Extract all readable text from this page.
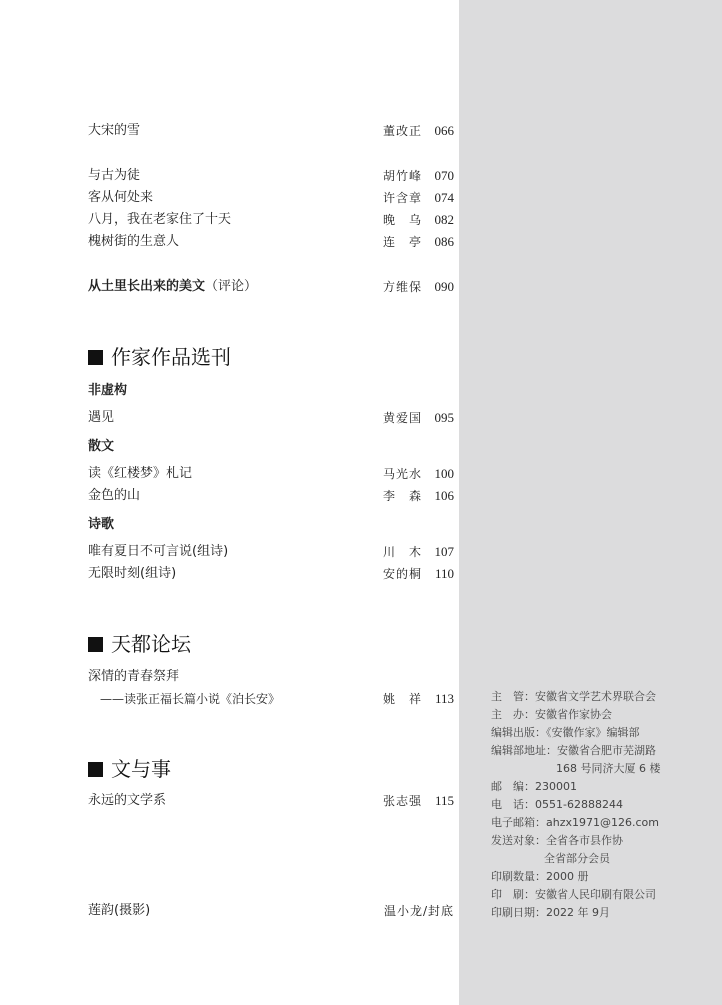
大宋的雪	董改正 066
与古为徒	胡竹峰 070
客从何处来	许含章 074
八月，我在老家住了十天	晚　乌 082
槐树街的生意人	连　亭 086
从土里长出来的美文（评论）	方维保 090
作家作品选刊
非虚构
遇见	黄爱国 095
散文
读《红楼梦》札记	马光水 100
金色的山	李　森 106
诗歌
唯有夏日不可言说(组诗)	川　木 107
无限时刻(组诗)	安的桐 110
天都论坛
深情的青春祭拜
——读张正福长篇小说《泊长安》	姚　祥 113
文与事
永远的文学系	张志强 115
莲韵(摄影)	温小龙/封底
主　管：安徽省文学艺术界联合会
主　办：安徽省作家协会
编辑出版：《安徽作家》编辑部
编辑部地址：安徽省合肥市芜湖路
168 号同济大厦 6 楼
邮　编：230001
电　话：0551-62888244
电子邮箱：ahzx1971@126.com
发送对象：全省各市县作协
全省部分会员
印刷数量：2000 册
印　刷：安徽省人民印刷有限公司
印刷日期：2022 年 9月
